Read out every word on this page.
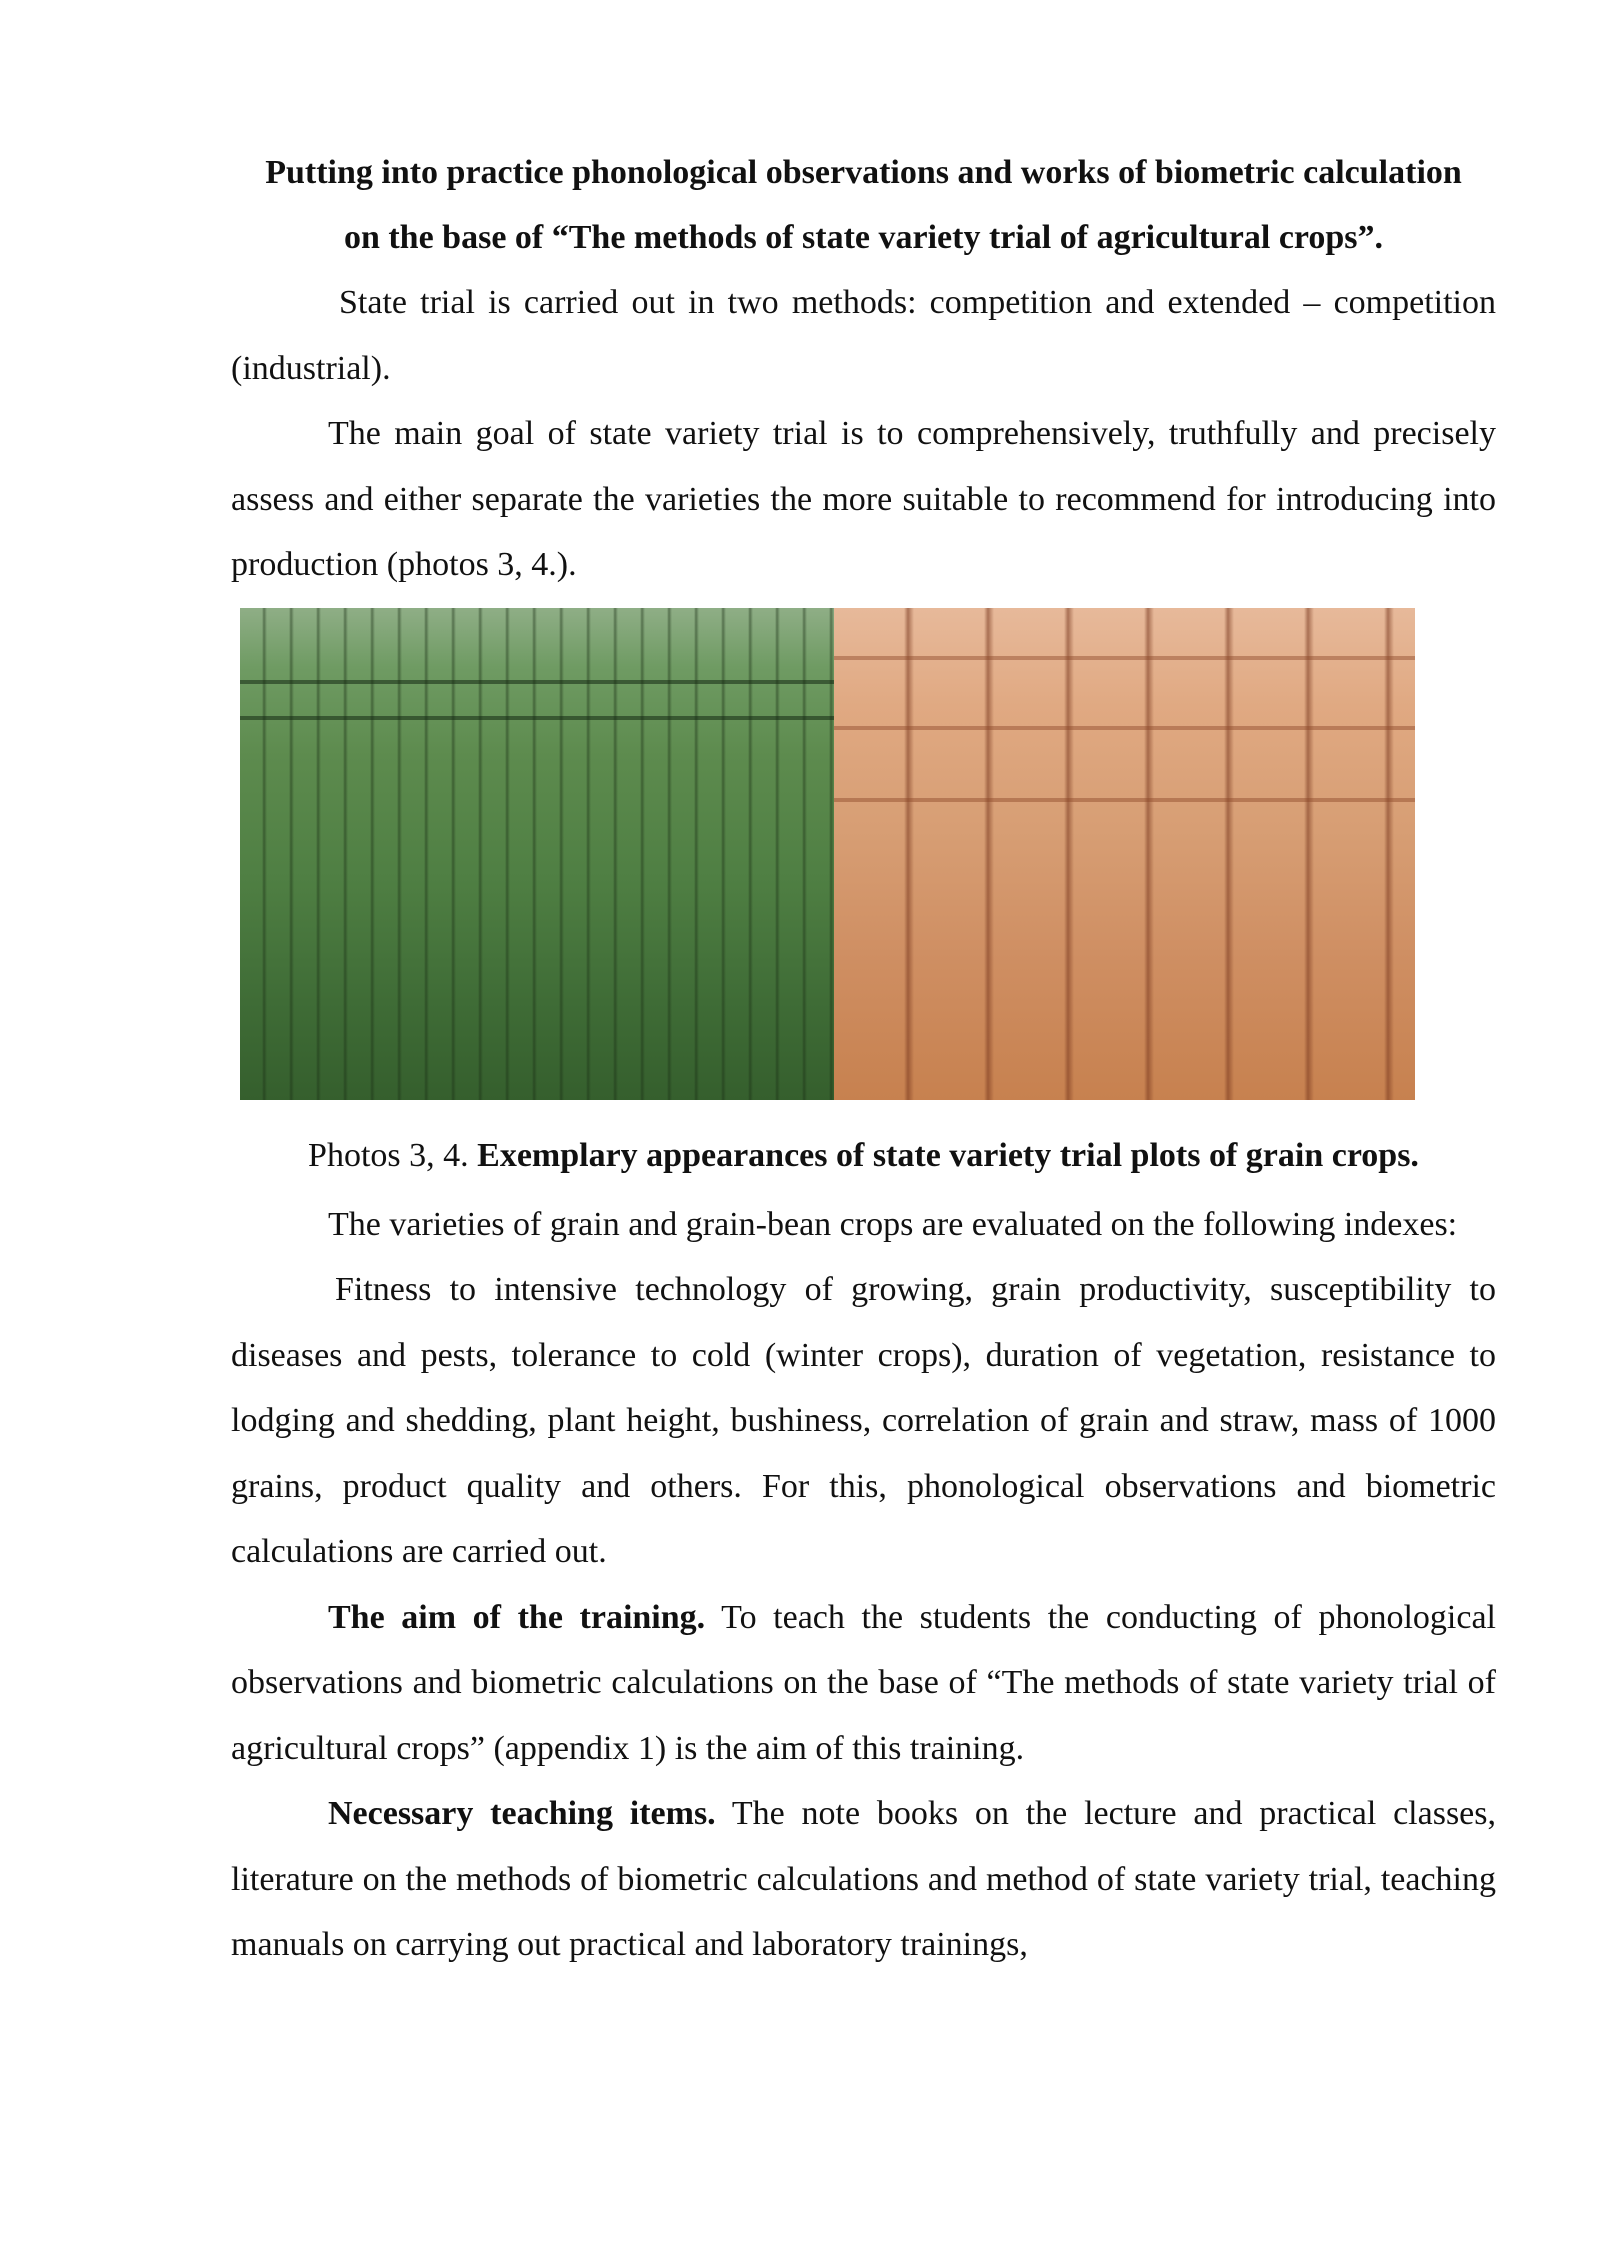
Putting into practice phonological observations and works of biometric calculation on the base of “The methods of state variety trial of agricultural crops”.

State trial is carried out in two methods: competition and extended – competition (industrial).

The main goal of state variety trial is to comprehensively, truthfully and precisely assess and either separate the varieties the more suitable to recommend for introducing into production (photos 3, 4.).

Photos 3, 4. Exemplary appearances of state variety trial plots of grain crops.

The varieties of grain and grain-bean crops are evaluated on the following indexes:

Fitness to intensive technology of growing, grain productivity, susceptibility to diseases and pests, tolerance to cold (winter crops), duration of vegetation, resistance to lodging and shedding, plant height, bushiness, correlation of grain and straw, mass of 1000 grains, product quality and others. For this, phonological observations and biometric calculations are carried out.

The aim of the training. To teach the students the conducting of phonological observations and biometric calculations on the base of “The methods of state variety trial of agricultural crops” (appendix 1) is the aim of this training.

Necessary teaching items. The note books on the lecture and practical classes, literature on the methods of biometric calculations and method of state variety trial, teaching manuals on carrying out practical and laboratory trainings,
